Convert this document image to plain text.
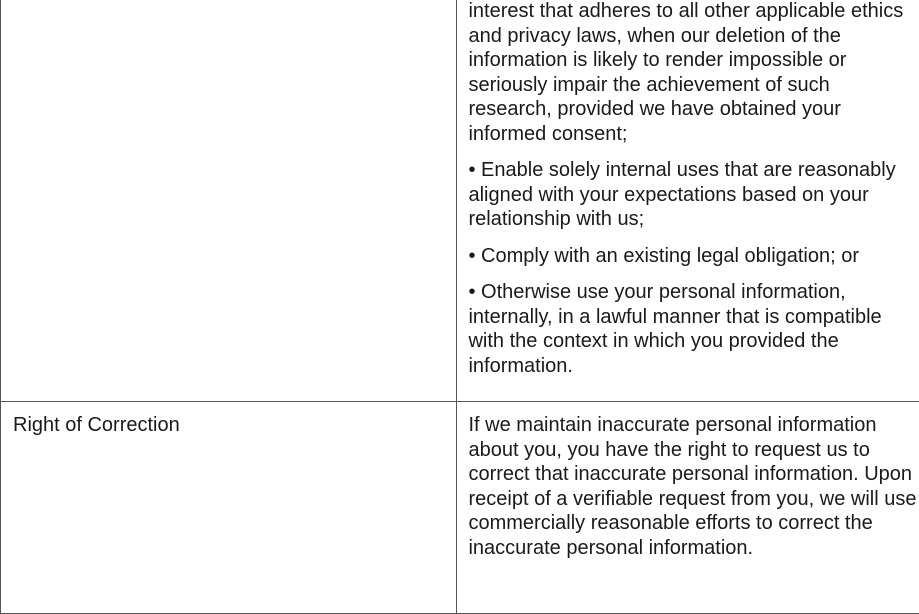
	interest that adheres to all other applicable ethics and privacy laws, when our deletion of the information is likely to render impossible or seriously impair the achievement of such research, provided we have obtained your informed consent;

• Enable solely internal uses that are reasonably aligned with your expectations based on your relationship with us;

• Comply with an existing legal obligation; or

• Otherwise use your personal information, internally, in a lawful manner that is compatible with the context in which you provided the information.

Right of Correction	If we maintain inaccurate personal information about you, you have the right to request us to correct that inaccurate personal information. Upon receipt of a verifiable request from you, we will use commercially reasonable efforts to correct the inaccurate personal information.
